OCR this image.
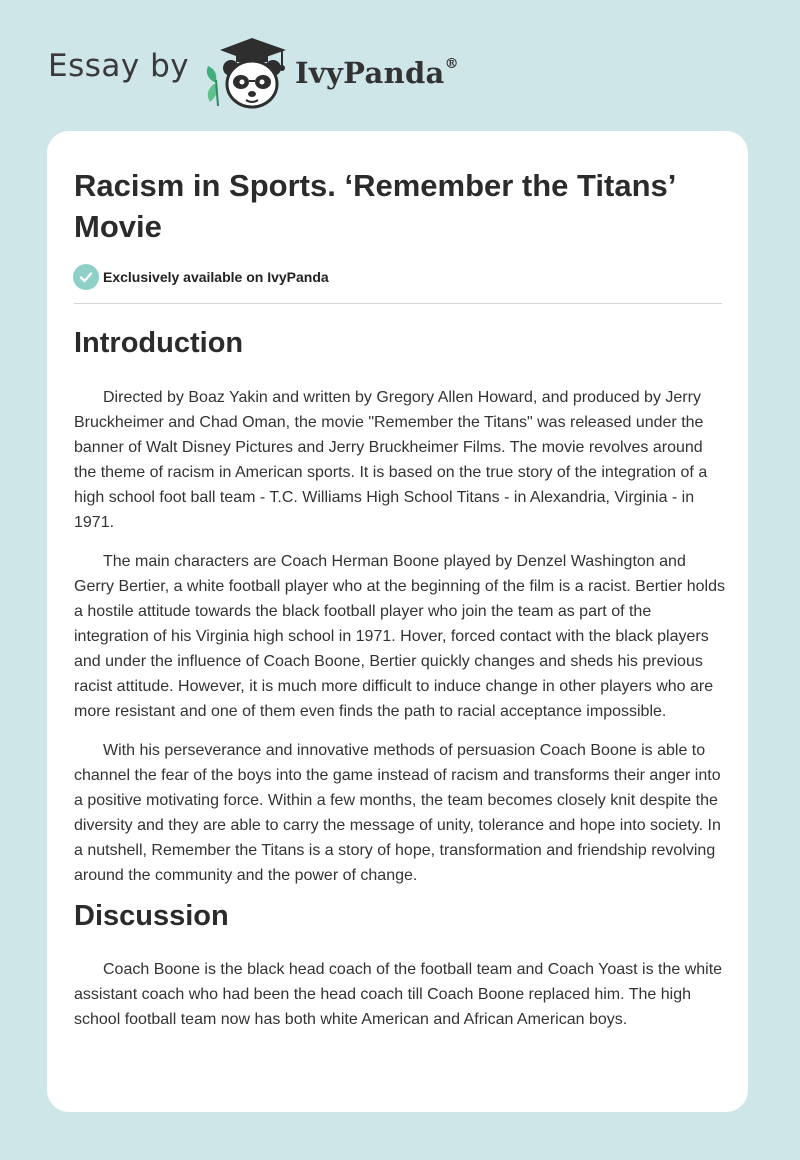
Essay by	IvyPanda®
Racism in Sports. ‘Remember the Titans’ Movie
Exclusively available on IvyPanda
Introduction

Directed by Boaz Yakin and written by Gregory Allen Howard, and produced by Jerry Bruckheimer and Chad Oman, the movie "Remember the Titans" was released under the banner of Walt Disney Pictures and Jerry Bruckheimer Films. The movie revolves around the theme of racism in American sports. It is based on the true story of the integration of a high school foot ball team - T.C. Williams High School Titans - in Alexandria, Virginia - in 1971.

The main characters are Coach Herman Boone played by Denzel Washington and Gerry Bertier, a white football player who at the beginning of the film is a racist. Bertier holds a hostile attitude towards the black football player who join the team as part of the integration of his Virginia high school in 1971. Hover, forced contact with the black players and under the influence of Coach Boone, Bertier quickly changes and sheds his previous racist attitude. However, it is much more difficult to induce change in other players who are more resistant and one of them even finds the path to racial acceptance impossible.

With his perseverance and innovative methods of persuasion Coach Boone is able to channel the fear of the boys into the game instead of racism and transforms their anger into a positive motivating force. Within a few months, the team becomes closely knit despite the diversity and they are able to carry the message of unity, tolerance and hope into society. In a nutshell, Remember the Titans is a story of hope, transformation and friendship revolving around the community and the power of change.

Discussion

Coach Boone is the black head coach of the football team and Coach Yoast is the white assistant coach who had been the head coach till Coach Boone replaced him. The high school football team now has both white American and African American boys.
